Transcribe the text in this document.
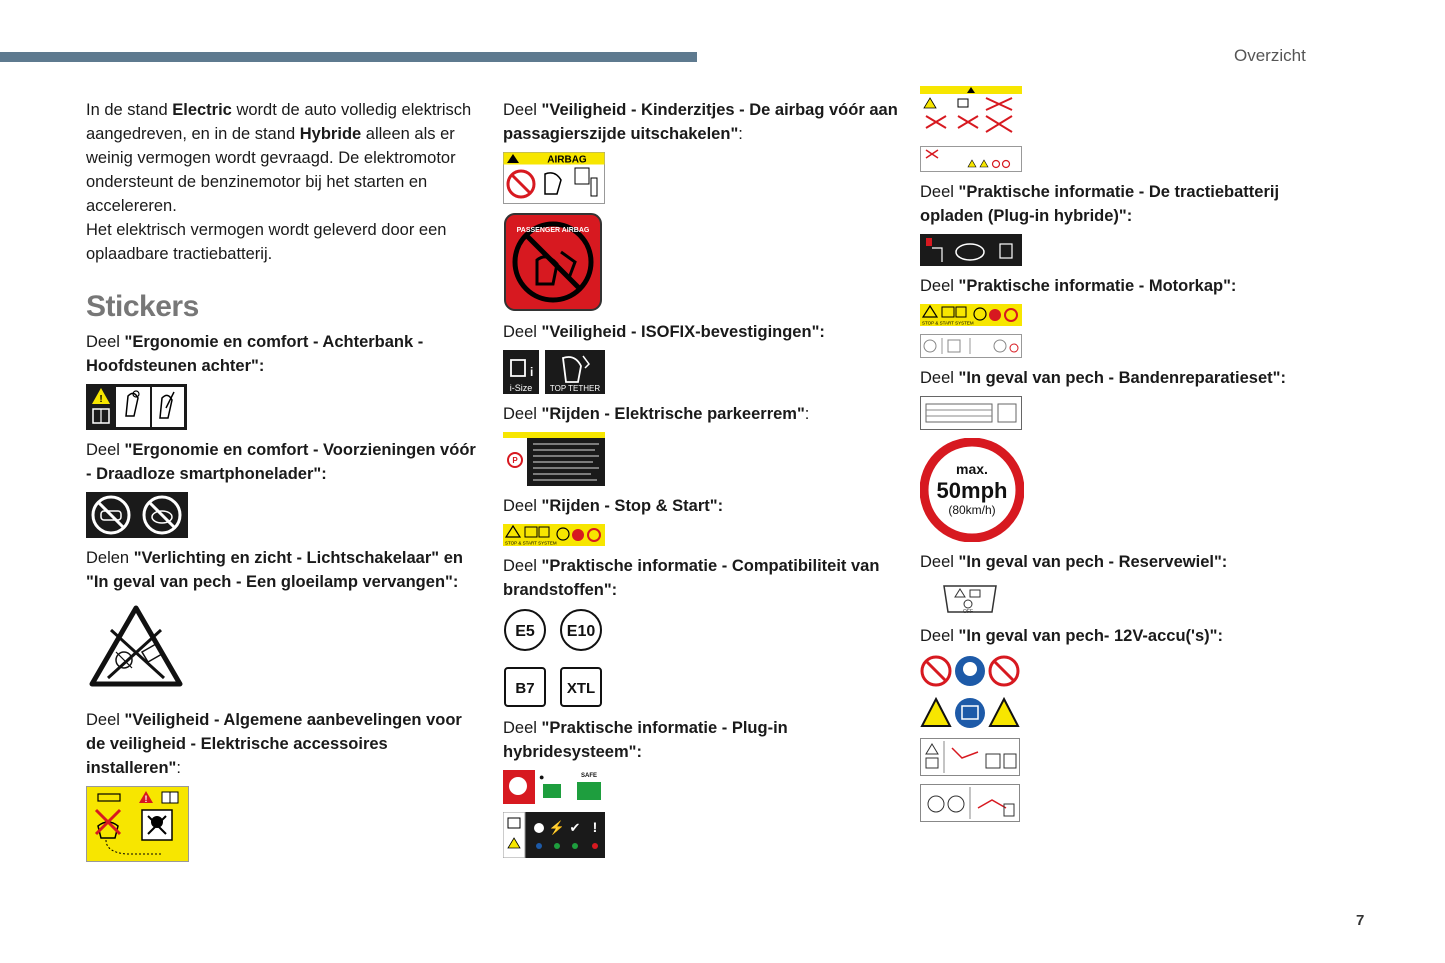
Overzicht

In de stand Electric wordt de auto volledig elektrisch aangedreven, en in de stand Hybride alleen als er weinig vermogen wordt gevraagd. De elektromotor ondersteunt de benzinemotor bij het starten en accelereren.

Het elektrisch vermogen wordt geleverd door een oplaadbare tractiebatterij.

Stickers

Deel "Ergonomie en comfort - Achterbank - Hoofdsteunen achter":

!

Deel "Ergonomie en comfort - Voorzieningen vóór - Draadloze smartphonelader":

Delen "Verlichting en zicht - Lichtschakelaar" en "In geval van pech - Een gloeilamp vervangen":

Deel "Veiligheid - Algemene aanbevelingen voor de veiligheid - Elektrische accessoires installeren":

!

Deel "Veiligheid - Kinderzitjes - De airbag vóór aan passagierszijde uitschakelen":

AIRBAG
PASSENGER AIRBAG

Deel "Veiligheid - ISOFIX-bevestigingen":

i
i-Size TOP TETHER

Deel "Rijden - Elektrische parkeerrem":

P

Deel "Rijden - Stop & Start":

STOP & START SYSTEM

Deel "Praktische informatie - Compatibiliteit van brandstoffen":

E5 E10
B7 XTL

Deel "Praktische informatie - Plug-in hybridesysteem":

●	SAFE
⚡ ✔ !

Deel "Praktische informatie - De tractiebatterij opladen (Plug-in hybride)":

Deel "Praktische informatie - Motorkap":

STOP & START SYSTEM

Deel "In geval van pech - Bandenreparatieset":

max.
50mph
(80km/h)

Deel "In geval van pech - Reservewiel":

OFF

Deel "In geval van pech- 12V-accu('s)":

7
